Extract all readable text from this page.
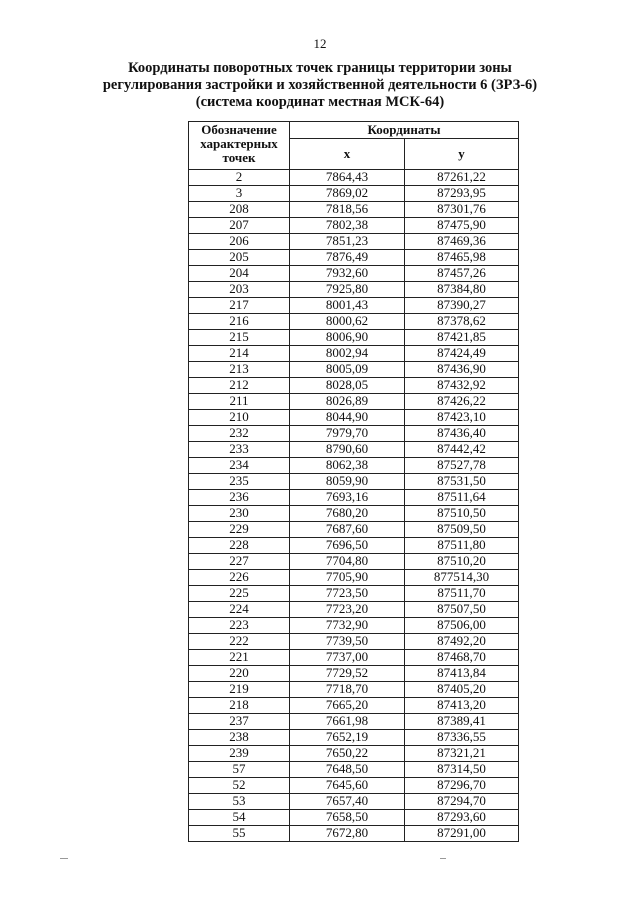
12
Координаты поворотных точек границы территории зоны
регулирования застройки и хозяйственной деятельности 6 (ЗРЗ-6)
(система координат местная МСК-64)
Обозначение
характерных
точек	Координаты	
	x	y
2	7864,43	87261,22
3	7869,02	87293,95
208	7818,56	87301,76
207	7802,38	87475,90
206	7851,23	87469,36
205	7876,49	87465,98
204	7932,60	87457,26
203	7925,80	87384,80
217	8001,43	87390,27
216	8000,62	87378,62
215	8006,90	87421,85
214	8002,94	87424,49
213	8005,09	87436,90
212	8028,05	87432,92
211	8026,89	87426,22
210	8044,90	87423,10
232	7979,70	87436,40
233	8790,60	87442,42
234	8062,38	87527,78
235	8059,90	87531,50
236	7693,16	87511,64
230	7680,20	87510,50
229	7687,60	87509,50
228	7696,50	87511,80
227	7704,80	87510,20
226	7705,90	877514,30
225	7723,50	87511,70
224	7723,20	87507,50
223	7732,90	87506,00
222	7739,50	87492,20
221	7737,00	87468,70
220	7729,52	87413,84
219	7718,70	87405,20
218	7665,20	87413,20
237	7661,98	87389,41
238	7652,19	87336,55
239	7650,22	87321,21
57	7648,50	87314,50
52	7645,60	87296,70
53	7657,40	87294,70
54	7658,50	87293,60
55	7672,80	87291,00
